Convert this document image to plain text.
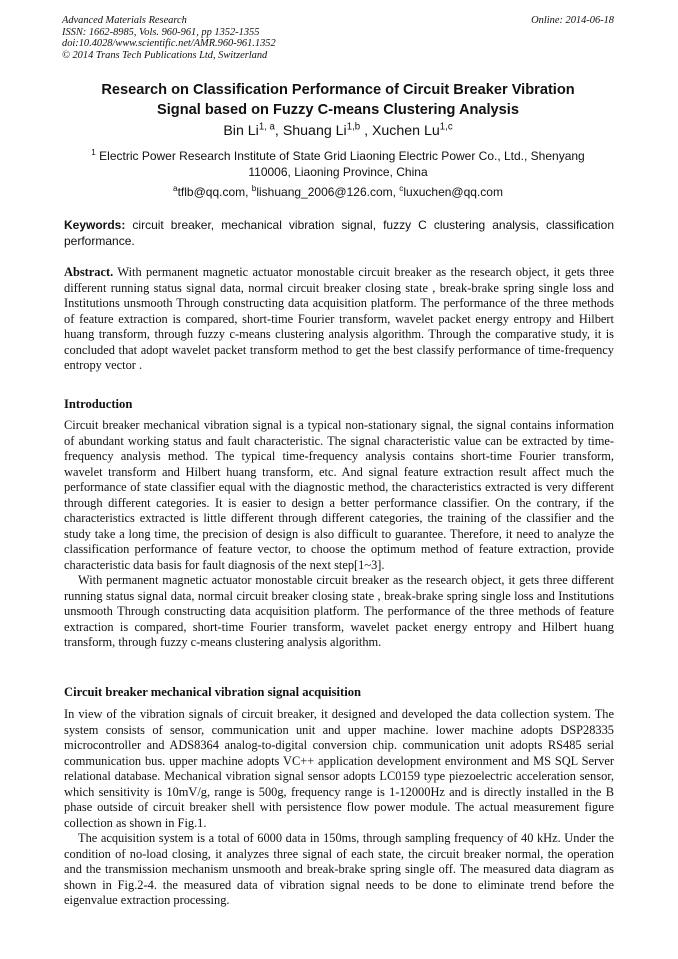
Advanced Materials Research
ISSN: 1662-8985, Vols. 960-961, pp 1352-1355
doi:10.4028/www.scientific.net/AMR.960-961.1352
© 2014 Trans Tech Publications Ltd, Switzerland
Online: 2014-06-18
Research on Classification Performance of Circuit Breaker Vibration
Signal based on Fuzzy C-means Clustering Analysis
Bin Li$^{1, a}$, Shuang Li$^{1,b}$ , Xuchen Lu$^{1,c}$
$^1$ Electric Power Research Institute of State Grid Liaoning Electric Power Co., Ltd., Shenyang 110006, Liaoning Province, China
$^a$tflb@qq.com, $^b$lishuang_2006@126.com, $^c$luxuchen@qq.com
Keywords: circuit breaker, mechanical vibration signal, fuzzy C clustering analysis, classification performance.

Abstract. With permanent magnetic actuator monostable circuit breaker as the research object, it gets three different running status signal data, normal circuit breaker closing state , break-brake spring single loss and Institutions unsmooth Through constructing data acquisition platform. The performance of the three methods of feature extraction is compared, short-time Fourier transform, wavelet packet energy entropy and Hilbert huang transform, through fuzzy c-means clustering analysis algorithm. Through the comparative study, it is concluded that adopt wavelet packet transform method to get the best classify performance of time-frequency entropy vector .

Introduction

Circuit breaker mechanical vibration signal is a typical non-stationary signal, the signal contains information of abundant working status and fault characteristic. The signal characteristic value can be extracted by time-frequency analysis method. The typical time-frequency analysis contains short-time Fourier transform, wavelet transform and Hilbert huang transform, etc. And signal feature extraction result affect much the performance of state classifier equal with the diagnostic method, the characteristics extracted is very different through different categories. It is easier to design a better performance classifier. On the contrary, if the characteristics extracted is little different through different categories, the training of the classifier and the study take a long time, the precision of design is also difficult to guarantee. Therefore, it need to analyze the classification performance of feature vector, to choose the optimum method of feature extraction, provide characteristic data basis for fault diagnosis of the next step[1~3].

With permanent magnetic actuator monostable circuit breaker as the research object, it gets three different running status signal data, normal circuit breaker closing state , break-brake spring single loss and Institutions unsmooth Through constructing data acquisition platform. The performance of the three methods of feature extraction is compared, short-time Fourier transform, wavelet packet energy entropy and Hilbert huang transform, through fuzzy c-means clustering analysis algorithm.

Circuit breaker mechanical vibration signal acquisition

In view of the vibration signals of circuit breaker, it designed and developed the data collection system. The system consists of sensor, communication unit and upper machine. lower machine adopts DSP28335 microcontroller and ADS8364 analog-to-digital conversion chip. communication unit adopts RS485 serial communication bus. upper machine adopts VC++ application development environment and MS SQL Server relational database. Mechanical vibration signal sensor adopts LC0159 type piezoelectric acceleration sensor, which sensitivity is 10mV/g, range is 500g, frequency range is 1-12000Hz and is directly installed in the B phase outside of circuit breaker shell with persistence flow power module. The actual measurement figure collection as shown in Fig.1.

The acquisition system is a total of 6000 data in 150ms, through sampling frequency of 40 kHz. Under the condition of no-load closing, it analyzes three signal of each state, the circuit breaker normal, the operation and the transmission mechanism unsmooth and break-brake spring single off. The measured data diagram as shown in Fig.2-4. the measured data of vibration signal needs to be done to eliminate trend before the eigenvalue extraction processing.
